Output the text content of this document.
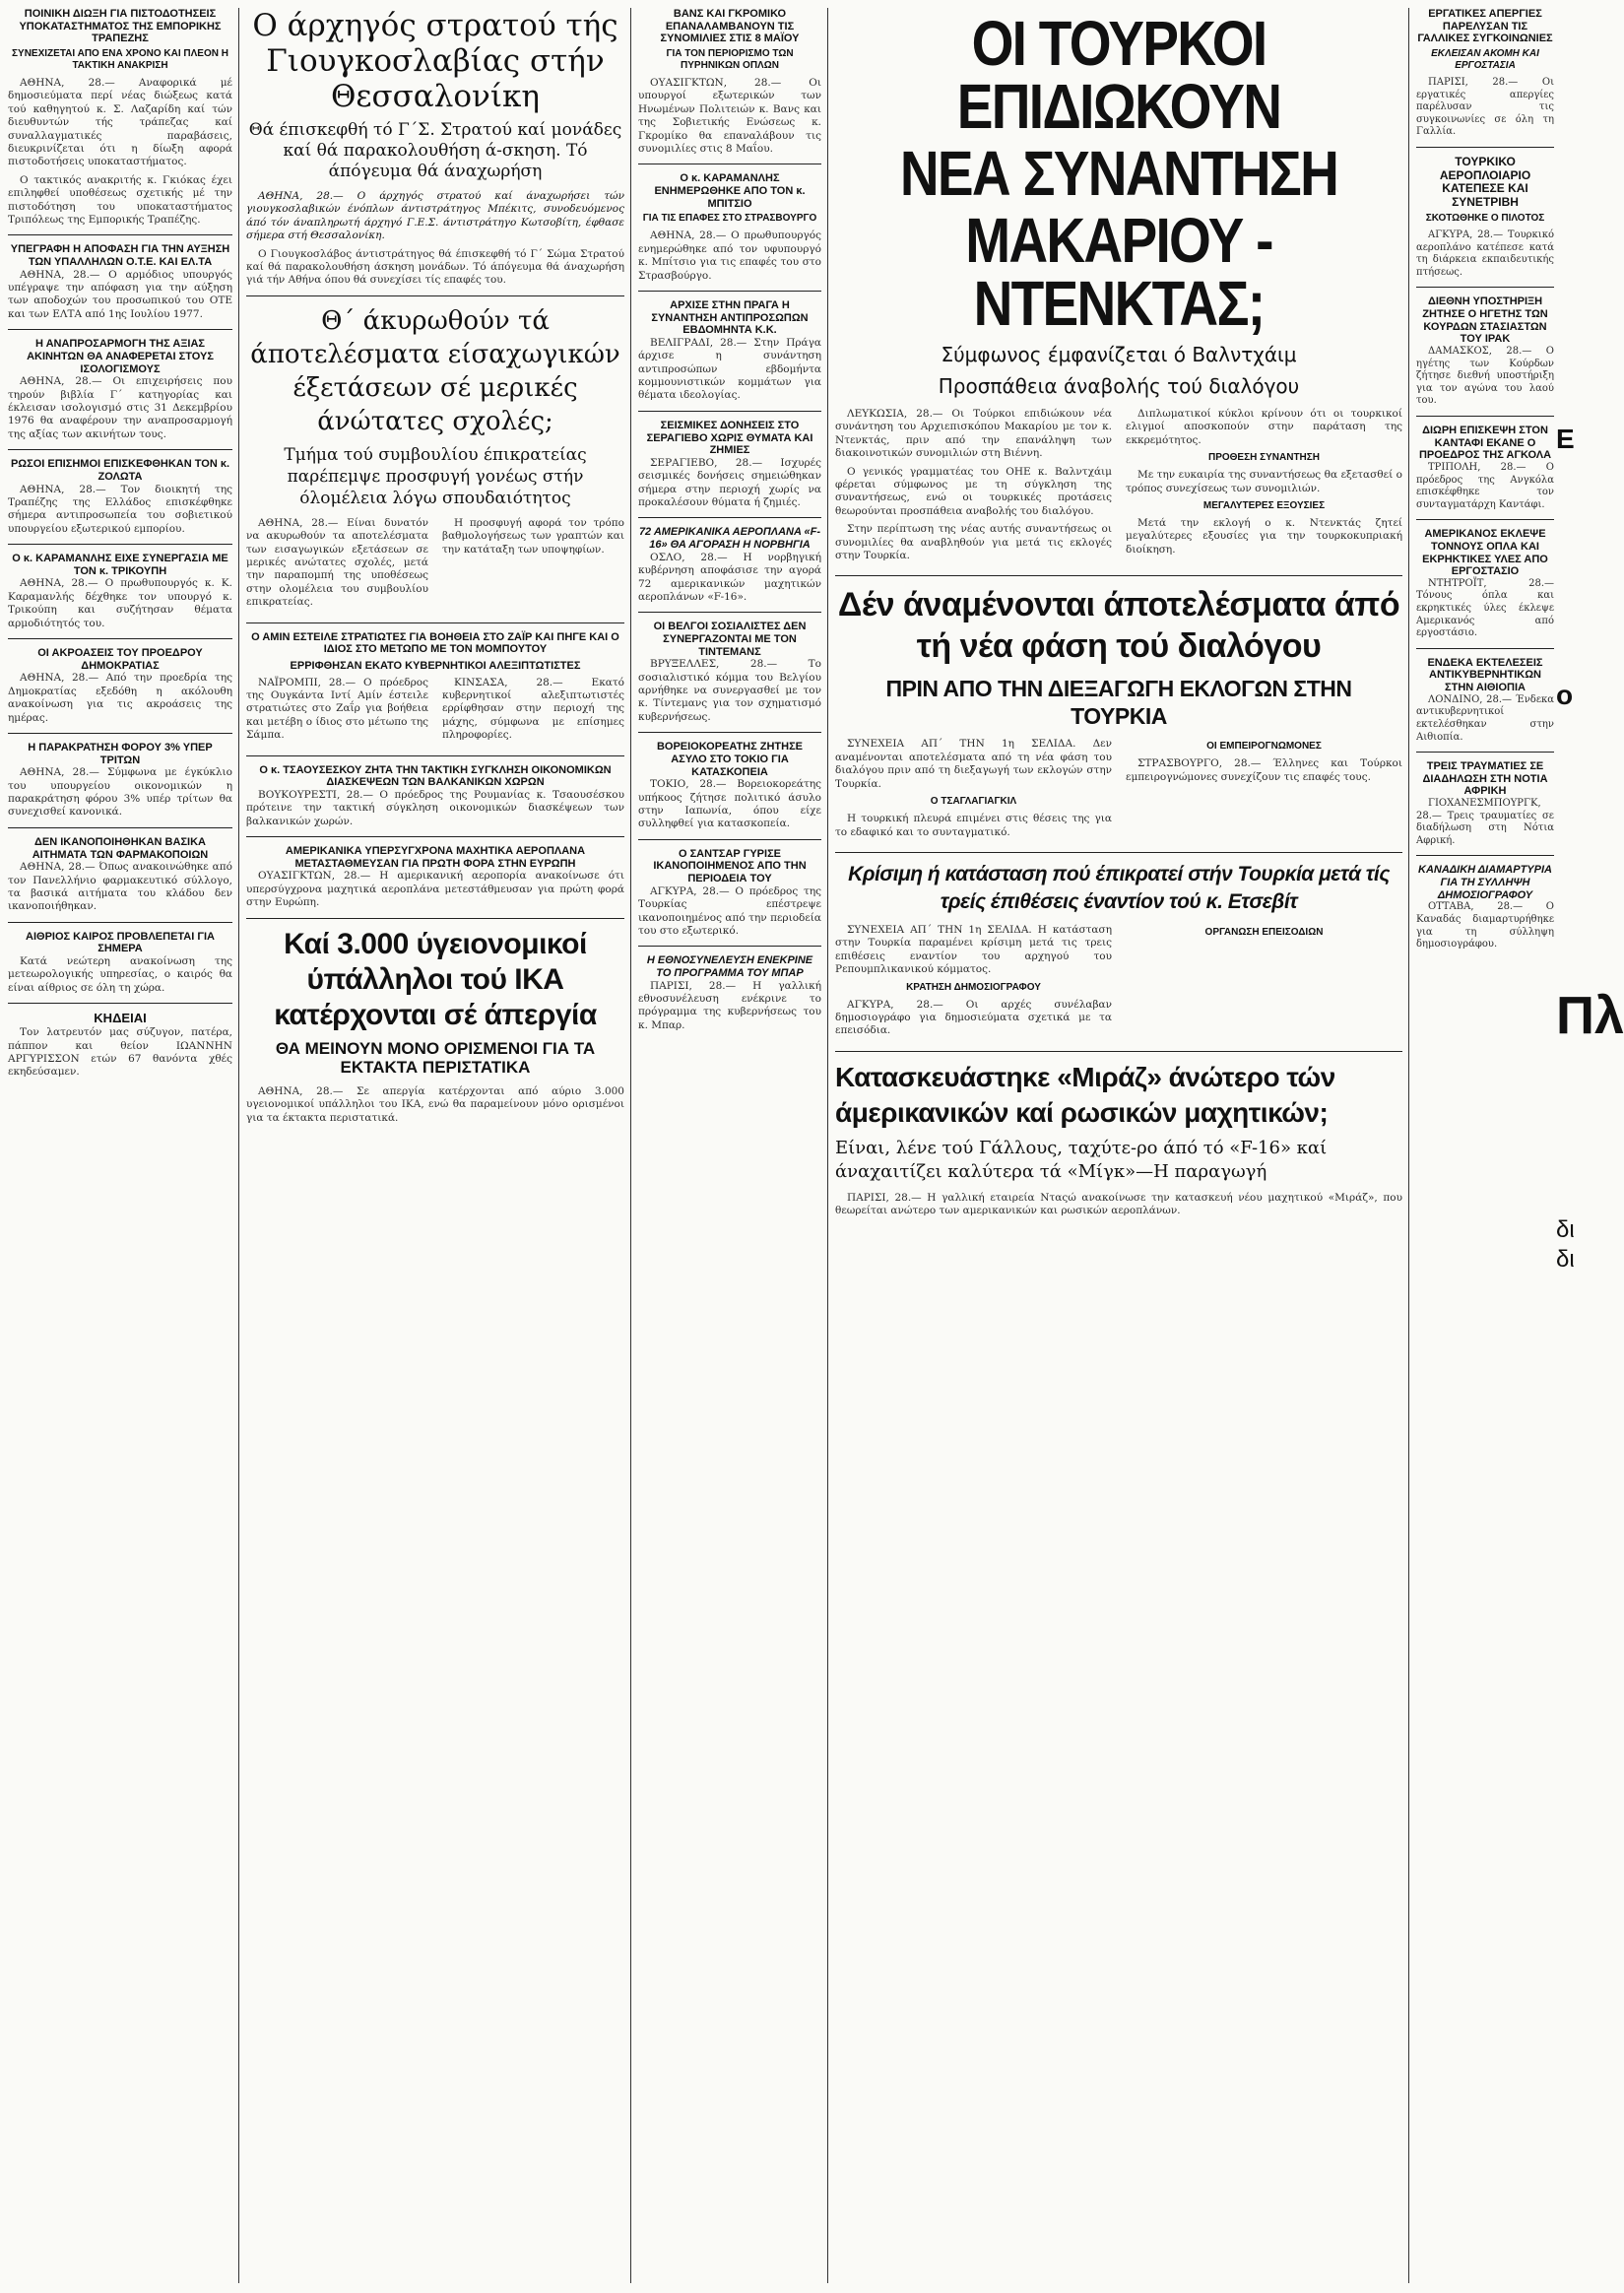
ΠΟΙΝΙΚΗ ΔΙΩΞΗ ΓΙΑ ΠΙΣΤΟΔΟΤΗΣΕΙΣ ΥΠΟΚΑΤΑΣΤΗΜΑΤΟΣ ΤΗΣ ΕΜΠΟΡΙΚΗΣ ΤΡΑΠΕΖΗΣ
ΣΥΝΕΧΙΖΕΤΑΙ ΑΠΟ ΕΝΑ ΧΡΟΝΟ ΚΑΙ ΠΛΕΟΝ Η ΤΑΚΤΙΚΗ ΑΝΑΚΡΙΣΗ

ΑΘΗΝΑ, 28.— Αναφορικά μέ δημοσιεύματα περί νέας διώξεως κατά τού καθηγητού κ. Σ. Λαζαρίδη καί τών διευθυντών τής τράπεζας καί συναλλαγματικές παραβάσεις, διευκρινίζεται ότι η δίωξη αφορά πιστοδοτήσεις υποκαταστήματος.

Ο τακτικός ανακριτής κ. Γκιόκας έχει επιληφθεί υποθέσεως σχετικής μέ την πιστοδότηση του υποκαταστήματος Τριπόλεως της Εμπορικής Τραπέζης.

ΥΠΕΓΡΑΦΗ Η ΑΠΟΦΑΣΗ ΓΙΑ ΤΗΝ ΑΥΞΗΣΗ ΤΩΝ ΥΠΑΛΛΗΛΩΝ Ο.Τ.Ε. ΚΑΙ ΕΛ.ΤΑ

ΑΘΗΝΑ, 28.— Ο αρμόδιος υπουργός υπέγραψε την απόφαση για την αύξηση των αποδοχών του προσωπικού του ΟΤΕ και των ΕΛΤΑ από 1ης Ιουλίου 1977.

Η ΑΝΑΠΡΟΣΑΡΜΟΓΗ ΤΗΣ ΑΞΙΑΣ ΑΚΙΝΗΤΩΝ ΘΑ ΑΝΑΦΕΡΕΤΑΙ ΣΤΟΥΣ ΙΣΟΛΟΓΙΣΜΟΥΣ

ΑΘΗΝΑ, 28.— Οι επιχειρήσεις που τηρούν βιβλία Γ΄ κατηγορίας και έκλεισαν ισολογισμό στις 31 Δεκεμβρίου 1976 θα αναφέρουν την αναπροσαρμογή της αξίας των ακινήτων τους.

ΡΩΣΟΙ ΕΠΙΣΗΜΟΙ ΕΠΙΣΚΕΦΘΗΚΑΝ ΤΟΝ κ. ΖΟΛΩΤΑ

ΑΘΗΝΑ, 28.— Τον διοικητή της Τραπέζης της Ελλάδος επισκέφθηκε σήμερα αντιπροσωπεία του σοβιετικού υπουργείου εξωτερικού εμπορίου.

Ο κ. ΚΑΡΑΜΑΝΛΗΣ ΕΙΧΕ ΣΥΝΕΡΓΑΣΙΑ ΜΕ ΤΟΝ κ. ΤΡΙΚΟΥΠΗ

ΑΘΗΝΑ, 28.— Ο πρωθυπουργός κ. Κ. Καραμανλής δέχθηκε τον υπουργό κ. Τρικούπη και συζήτησαν θέματα αρμοδιότητός του.

ΟΙ ΑΚΡΟΑΣΕΙΣ ΤΟΥ ΠΡΟΕΔΡΟΥ ΔΗΜΟΚΡΑΤΙΑΣ

ΑΘΗΝΑ, 28.— Από την προεδρία της Δημοκρατίας εξεδόθη η ακόλουθη ανακοίνωση για τις ακροάσεις της ημέρας.

Η ΠΑΡΑΚΡΑΤΗΣΗ ΦΟΡΟΥ 3% ΥΠΕΡ ΤΡΙΤΩΝ

ΑΘΗΝΑ, 28.— Σύμφωνα με έγκύκλιο του υπουργείου οικονομικών η παρακράτηση φόρου 3% υπέρ τρίτων θα συνεχισθεί κανονικά.

ΔΕΝ ΙΚΑΝΟΠΟΙΗΘΗΚΑΝ ΒΑΣΙΚΑ ΑΙΤΗΜΑΤΑ ΤΩΝ ΦΑΡΜΑΚΟΠΟΙΩΝ

ΑΘΗΝΑ, 28.— Όπως ανακοινώθηκε από τον Πανελλήνιο φαρμακευτικό σύλλογο, τα βασικά αιτήματα του κλάδου δεν ικανοποιήθηκαν.

ΑΙΘΡΙΟΣ ΚΑΙΡΟΣ ΠΡΟΒΛΕΠΕΤΑΙ ΓΙΑ ΣΗΜΕΡΑ

Κατά νεώτερη ανακοίνωση της μετεωρολογικής υπηρεσίας, ο καιρός θα είναι αίθριος σε όλη τη χώρα.

ΚΗΔΕΙΑΙ

Τον λατρευτόν μας σύζυγον, πατέρα, πάππον και θείον ΙΩΑΝΝΗΝ ΑΡΓΥΡΙΣΣΟΝ ετών 67 θανόντα χθές εκηδεύσαμεν.

Ο άρχηγός στρατού τής Γιουγκοσλαβίας στήν Θεσσαλονίκη
Θά έπισκεφθή τό Γ΄Σ. Στρατού καί μονάδες καί θά παρακολουθήση ά-σκηση. Τό άπόγευμα θά άναχωρήση

ΑΘΗΝΑ, 28.— Ο άρχηγός στρατού καί άναχωρήσει τών γιουγκοσλαβικών ένόπλων άντιστράτηγος Μπέκιτς, συνοδευόμενος άπό τόν άναπληρωτή άρχηγό Γ.Ε.Σ. άντιστράτηγο Κωτσοβίτη, έφθασε σήμερα στή Θεσσαλονίκη.

Ο Γιουγκοσλάβος άντιστράτηγος θά έπισκεφθή τό Γ΄ Σώμα Στρατού καί θά παρακολουθήση άσκηση μονάδων. Τό άπόγευμα θά άναχωρήση γιά τήν Αθήνα όπου θά συνεχίσει τίς επαφές του.

Θ΄ άκυρωθούν τά άποτελέσματα είσαχωγικών έξετάσεων σέ μερικές άνώτατες σχολές;
Τμήμα τού συμβουλίου έπικρατείας παρέπεμψε προσφυγή γονέως στήν όλομέλεια λόγω σπουδαιότητος

ΑΘΗΝΑ, 28.— Είναι δυνατόν να ακυρωθούν τα αποτελέσματα των εισαγωγικών εξετάσεων σε μερικές ανώτατες σχολές, μετά την παραπομπή της υποθέσεως στην ολομέλεια του συμβουλίου επικρατείας.

Η προσφυγή αφορά τον τρόπο βαθμολογήσεως των γραπτών και την κατάταξη των υποψηφίων.

Ο ΑΜΙΝ ΕΣΤΕΙΛΕ ΣΤΡΑΤΙΩΤΕΣ ΓΙΑ ΒΟΗΘΕΙΑ ΣΤΟ ΖΑΪΡ ΚΑΙ ΠΗΓΕ ΚΑΙ Ο ΙΔΙΟΣ ΣΤΟ ΜΕΤΩΠΟ ΜΕ ΤΟΝ ΜΟΜΠΟΥΤΟΥ
ΕΡΡΙΦΘΗΣΑΝ ΕΚΑΤΟ ΚΥΒΕΡΝΗΤΙΚΟΙ ΑΛΕΞΙΠΤΩΤΙΣΤΕΣ

ΝΑΪΡΟΜΠΙ, 28.— Ο πρόεδρος της Ουγκάντα Ιντί Αμίν έστειλε στρατιώτες στο Ζαΐρ για βοήθεια και μετέβη ο ίδιος στο μέτωπο της Σάμπα.

ΚΙΝΣΑΣΑ, 28.— Εκατό κυβερνητικοί αλεξιπτωτιστές ερρίφθησαν στην περιοχή της μάχης, σύμφωνα με επίσημες πληροφορίες.

Ο κ. ΤΣΑΟΥΣΕΣΚΟΥ ΖΗΤΑ ΤΗΝ ΤΑΚΤΙΚΗ ΣΥΓΚΛΗΣΗ ΟΙΚΟΝΟΜΙΚΩΝ ΔΙΑΣΚΕΨΕΩΝ ΤΩΝ ΒΑΛΚΑΝΙΚΩΝ ΧΩΡΩΝ

ΒΟΥΚΟΥΡΕΣΤΙ, 28.— Ο πρόεδρος της Ρουμανίας κ. Τσαουσέσκου πρότεινε την τακτική σύγκληση οικονομικών διασκέψεων των βαλκανικών χωρών.

ΑΜΕΡΙΚΑΝΙΚΑ ΥΠΕΡΣΥΓΧΡΟΝΑ ΜΑΧΗΤΙΚΑ ΑΕΡΟΠΛΑΝΑ ΜΕΤΑΣΤΑΘΜΕΥΣΑΝ ΓΙΑ ΠΡΩΤΗ ΦΟΡΑ ΣΤΗΝ ΕΥΡΩΠΗ

ΟΥΑΣΙΓΚΤΩΝ, 28.— Η αμερικανική αεροπορία ανακοίνωσε ότι υπερσύγχρονα μαχητικά αεροπλάνα μετεστάθμευσαν για πρώτη φορά στην Ευρώπη.

Καί 3.000 ύγειονομικοί ύπάλληλοι τού ΙΚΑ κατέρχονται σέ άπεργία
ΘΑ ΜΕΙΝΟΥΝ ΜΟΝΟ ΟΡΙΣΜΕΝΟΙ ΓΙΑ ΤΑ ΕΚΤΑΚΤΑ ΠΕΡΙΣΤΑΤΙΚΑ

ΑΘΗΝΑ, 28.— Σε απεργία κατέρχονται από αύριο 3.000 υγειονομικοί υπάλληλοι του ΙΚΑ, ενώ θα παραμείνουν μόνο ορισμένοι για τα έκτακτα περιστατικά.

ΒΑΝΣ ΚΑΙ ΓΚΡΟΜΙΚΟ ΕΠΑΝΑΛΑΜΒΑΝΟΥΝ ΤΙΣ ΣΥΝΟΜΙΛΙΕΣ ΣΤΙΣ 8 ΜΑΪΟΥ
ΓΙΑ ΤΟΝ ΠΕΡΙΟΡΙΣΜΟ ΤΩΝ ΠΥΡΗΝΙΚΩΝ ΟΠΛΩΝ

ΟΥΑΣΙΓΚΤΩΝ, 28.— Οι υπουργοί εξωτερικών των Ηνωμένων Πολιτειών κ. Βανς και της Σοβιετικής Ενώσεως κ. Γκρομίκο θα επαναλάβουν τις συνομιλίες στις 8 Μαΐου.

Ο κ. ΚΑΡΑΜΑΝΛΗΣ ΕΝΗΜΕΡΩΘΗΚΕ ΑΠΟ ΤΟΝ κ. ΜΠΙΤΣΙΟ
ΓΙΑ ΤΙΣ ΕΠΑΦΕΣ ΣΤΟ ΣΤΡΑΣΒΟΥΡΓΟ

ΑΘΗΝΑ, 28.— Ο πρωθυπουργός ενημερώθηκε από τον υφυπουργό κ. Μπίτσιο για τις επαφές του στο Στρασβούργο.

ΑΡΧΙΣΕ ΣΤΗΝ ΠΡΑΓΑ Η ΣΥΝΑΝΤΗΣΗ ΑΝΤΙΠΡΟΣΩΠΩΝ ΕΒΔΟΜΗΝΤΑ Κ.Κ.

ΒΕΛΙΓΡΑΔΙ, 28.— Στην Πράγα άρχισε η συνάντηση αντιπροσώπων εβδομήντα κομμουνιστικών κομμάτων για θέματα ιδεολογίας.

ΣΕΙΣΜΙΚΕΣ ΔΟΝΗΣΕΙΣ ΣΤΟ ΣΕΡΑΓΙΕΒΟ ΧΩΡΙΣ ΘΥΜΑΤΑ ΚΑΙ ΖΗΜΙΕΣ

ΣΕΡΑΓΙΕΒΟ, 28.— Ισχυρές σεισμικές δονήσεις σημειώθηκαν σήμερα στην περιοχή χωρίς να προκαλέσουν θύματα ή ζημιές.

72 ΑΜΕΡΙΚΑΝΙΚΑ ΑΕΡΟΠΛΑΝΑ «F-16» ΘΑ ΑΓΟΡΑΣΗ Η ΝΟΡΒΗΓΙΑ

ΟΣΛΟ, 28.— Η νορβηγική κυβέρνηση αποφάσισε την αγορά 72 αμερικανικών μαχητικών αεροπλάνων «F-16».

ΟΙ ΒΕΛΓΟΙ ΣΟΣΙΑΛΙΣΤΕΣ ΔΕΝ ΣΥΝΕΡΓΑΖΟΝΤΑΙ ΜΕ ΤΟΝ ΤΙΝΤΕΜΑΝΣ

ΒΡΥΞΕΛΛΕΣ, 28.— Το σοσιαλιστικό κόμμα του Βελγίου αρνήθηκε να συνεργασθεί με τον κ. Τίντεμανς για τον σχηματισμό κυβερνήσεως.

ΒΟΡΕΙΟΚΟΡΕΑΤΗΣ ΖΗΤΗΣΕ ΑΣΥΛΟ ΣΤΟ ΤΟΚΙΟ ΓΙΑ ΚΑΤΑΣΚΟΠΕΙΑ

ΤΟΚΙΟ, 28.— Βορειοκορεάτης υπήκοος ζήτησε πολιτικό άσυλο στην Ιαπωνία, όπου είχε συλληφθεί για κατασκοπεία.

Ο ΣΑΝΤΣΑΡ ΓΥΡΙΣΕ ΙΚΑΝΟΠΟΙΗΜΕΝΟΣ ΑΠΟ ΤΗΝ ΠΕΡΙΟΔΕΙΑ ΤΟΥ

ΑΓΚΥΡΑ, 28.— Ο πρόεδρος της Τουρκίας επέστρεψε ικανοποιημένος από την περιοδεία του στο εξωτερικό.

Η ΕΘΝΟΣΥΝΕΛΕΥΣΗ ΕΝΕΚΡΙΝΕ ΤΟ ΠΡΟΓΡΑΜΜΑ ΤΟΥ ΜΠΑΡ

ΠΑΡΙΣΙ, 28.— Η γαλλική εθνοσυνέλευση ενέκρινε το πρόγραμμα της κυβερνήσεως του κ. Μπαρ.

ΟΙ ΤΟΥΡΚΟΙ ΕΠΙΔΙΩΚΟΥΝ
ΝΕΑ ΣΥΝΑΝΤΗΣΗ
ΜΑΚΑΡΙΟΥ - ΝΤΕΝΚΤΑΣ;
Σύμφωνος έμφανίζεται ό Βαλντχάιμ
Προσπάθεια άναβολής τού διαλόγου

ΛΕΥΚΩΣΙΑ, 28.— Οι Τούρκοι επιδιώκουν νέα συνάντηση του Αρχιεπισκόπου Μακαρίου με τον κ. Ντενκτάς, πριν από την επανάληψη των διακοινοτικών συνομιλιών στη Βιέννη.

Ο γενικός γραμματέας του ΟΗΕ κ. Βαλντχάιμ φέρεται σύμφωνος με τη σύγκληση της συναντήσεως, ενώ οι τουρκικές προτάσεις θεωρούνται προσπάθεια αναβολής του διαλόγου.

Στην περίπτωση της νέας αυτής συναντήσεως οι συνομιλίες θα αναβληθούν για μετά τις εκλογές στην Τουρκία.

Διπλωματικοί κύκλοι κρίνουν ότι οι τουρκικοί ελιγμοί αποσκοπούν στην παράταση της εκκρεμότητος.

ΠΡΟΘΕΣΗ ΣΥΝΑΝΤΗΣΗ

Με την ευκαιρία της συναντήσεως θα εξετασθεί ο τρόπος συνεχίσεως των συνομιλιών.

ΜΕΓΑΛΥΤΕΡΕΣ ΕΞΟΥΣΙΕΣ

Μετά την εκλογή ο κ. Ντενκτάς ζητεί μεγαλύτερες εξουσίες για την τουρκοκυπριακή διοίκηση.

Δέν άναμένονται άποτελέσματα άπό τή νέα φάση τού διαλόγου
ΠΡΙΝ ΑΠΟ ΤΗΝ ΔΙΕΞΑΓΩΓΗ ΕΚΛΟΓΩΝ ΣΤΗΝ ΤΟΥΡΚΙΑ

ΣΥΝΕΧΕΙΑ ΑΠ΄ ΤΗΝ 1η ΣΕΛΙΔΑ. Δεν αναμένονται αποτελέσματα από τη νέα φάση του διαλόγου πριν από τη διεξαγωγή των εκλογών στην Τουρκία.

Ο ΤΣΑΓΛΑΓΙΑΓΚΙΛ

Η τουρκική πλευρά επιμένει στις θέσεις της για το εδαφικό και το συνταγματικό.

ΟΙ ΕΜΠΕΙΡΟΓΝΩΜΟΝΕΣ

ΣΤΡΑΣΒΟΥΡΓΟ, 28.— Έλληνες και Τούρκοι εμπειρογνώμονες συνεχίζουν τις επαφές τους.

Κρίσιμη ή κατάσταση πού έπικρατεί στήν Τουρκία μετά τίς τρείς έπιθέσεις έναντίον τού κ. Ετσεβίτ

ΣΥΝΕΧΕΙΑ ΑΠ΄ ΤΗΝ 1η ΣΕΛΙΔΑ. Η κατάσταση στην Τουρκία παραμένει κρίσιμη μετά τις τρεις επιθέσεις εναντίον του αρχηγού του Ρεπουμπλικανικού κόμματος.

ΚΡΑΤΗΣΗ ΔΗΜΟΣΙΟΓΡΑΦΟΥ

ΑΓΚΥΡΑ, 28.— Οι αρχές συνέλαβαν δημοσιογράφο για δημοσιεύματα σχετικά με τα επεισόδια.

ΟΡΓΑΝΩΣΗ ΕΠΕΙΣΟΔΙΩΝ
Κατασκευάστηκε «Μιράζ» άνώτερο τών άμερικανικών καί ρωσικών μαχητικών;
Είναι, λένε τού Γάλλους, ταχύτε-ρο άπό τό «F-16» καί άναχαιτίζει καλύτερα τά «Μίγκ»—Η παραγωγή

ΠΑΡΙΣΙ, 28.— Η γαλλική εταιρεία Νταςώ ανακοίνωσε την κατασκευή νέου μαχητικού «Μιράζ», που θεωρείται ανώτερο των αμερικανικών και ρωσικών αεροπλάνων.

ΕΡΓΑΤΙΚΕΣ ΑΠΕΡΓΙΕΣ ΠΑΡΕΛΥΣΑΝ ΤΙΣ ΓΑΛΛΙΚΕΣ ΣΥΓΚΟΙΝΩΝΙΕΣ
ΕΚΛΕΙΣΑΝ ΑΚΟΜΗ ΚΑΙ ΕΡΓΟΣΤΑΣΙΑ

ΠΑΡΙΣΙ, 28.— Οι εργατικές απεργίες παρέλυσαν τις συγκοινωνίες σε όλη τη Γαλλία.

ΤΟΥΡΚΙΚΟ ΑΕΡΟΠΛΟΙΑΡΙΟ ΚΑΤΕΠΕΣΕ ΚΑΙ ΣΥΝΕΤΡΙΒΗ
ΣΚΟΤΩΘΗΚΕ Ο ΠΙΛΟΤΟΣ

ΑΓΚΥΡΑ, 28.— Τουρκικό αεροπλάνο κατέπεσε κατά τη διάρκεια εκπαιδευτικής πτήσεως.

ΔΙΕΘΝΗ ΥΠΟΣΤΗΡΙΞΗ ΖΗΤΗΣΕ Ο ΗΓΕΤΗΣ ΤΩΝ ΚΟΥΡΔΩΝ ΣΤΑΣΙΑΣΤΩΝ ΤΟΥ ΙΡΑΚ

ΔΑΜΑΣΚΟΣ, 28.— Ο ηγέτης των Κούρδων ζήτησε διεθνή υποστήριξη για τον αγώνα του λαού του.

ΔΙΩΡΗ ΕΠΙΣΚΕΨΗ ΣΤΟΝ ΚΑΝΤΑΦΙ ΕΚΑΝΕ Ο ΠΡΟΕΔΡΟΣ ΤΗΣ ΑΓΚΟΛΑ

ΤΡΙΠΟΛΗ, 28.— Ο πρόεδρος της Ανγκόλα επισκέφθηκε τον συνταγματάρχη Καντάφι.

ΑΜΕΡΙΚΑΝΟΣ ΕΚΛΕΨΕ ΤΟΝΝΟΥΣ ΟΠΛΑ ΚΑΙ ΕΚΡΗΚΤΙΚΕΣ ΥΛΕΣ ΑΠΟ ΕΡΓΟΣΤΑΣΙΟ

ΝΤΗΤΡΟΪΤ, 28.— Τόνους όπλα και εκρηκτικές ύλες έκλεψε Αμερικανός από εργοστάσιο.

ΕΝΔΕΚΑ ΕΚΤΕΛΕΣΕΙΣ ΑΝΤΙΚΥΒΕΡΝΗΤΙΚΩΝ ΣΤΗΝ ΑΙΘΙΟΠΙΑ

ΛΟΝΔΙΝΟ, 28.— Ένδεκα αντικυβερνητικοί εκτελέσθηκαν στην Αιθιοπία.

ΤΡΕΙΣ ΤΡΑΥΜΑΤΙΕΣ ΣΕ ΔΙΑΔΗΛΩΣΗ ΣΤΗ ΝΟΤΙΑ ΑΦΡΙΚΗ

ΓΙΟΧΑΝΕΣΜΠΟΥΡΓΚ, 28.— Τρεις τραυματίες σε διαδήλωση στη Νότια Αφρική.

ΚΑΝΑΔΙΚΗ ΔΙΑΜΑΡΤΥΡΙΑ ΓΙΑ ΤΗ ΣΥΛΛΗΨΗ ΔΗΜΟΣΙΟΓΡΑΦΟΥ

ΟΤΤΑΒΑ, 28.— Ο Καναδάς διαμαρτυρήθηκε για τη σύλληψη δημοσιογράφου.

Ε
ο
Πλ
δι
δι
